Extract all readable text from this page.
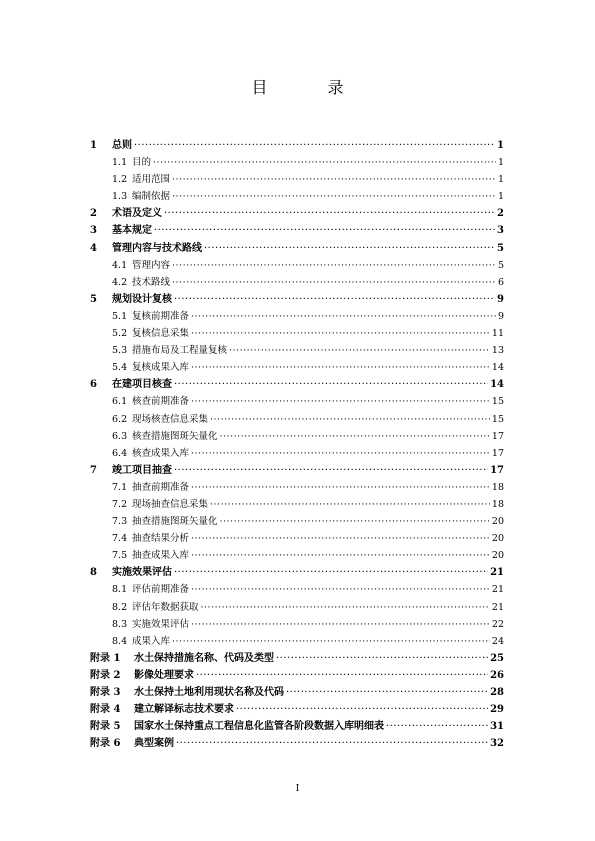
目　录
1	总则 ·····	1
1.1 目的 ·····	1
1.2 适用范围 ·····	1
1.3 编制依据 ·····	1
2	术语及定义 ·····	2
3	基本规定 ·····	3
4	管理内容与技术路线 ·····	5
4.1 管理内容 ·····	5
4.2 技术路线 ·····	6
5	规划设计复核 ·····	9
5.1 复核前期准备 ·····	9
5.2 复核信息采集 ·····	11
5.3 措施布局及工程量复核 ·····	13
5.4 复核成果入库 ·····	14
6	在建项目核查 ·····	14
6.1 核查前期准备 ·····	15
6.2 现场核查信息采集 ·····	15
6.3 核查措施图斑矢量化 ·····	17
6.4 核查成果入库 ·····	17
7	竣工项目抽查 ·····	17
7.1 抽查前期准备 ·····	18
7.2 现场抽查信息采集 ·····	18
7.3 抽查措施图斑矢量化 ·····	20
7.4 抽查结果分析 ·····	20
7.5 抽查成果入库 ·····	20
8	实施效果评估 ·····	21
8.1 评估前期准备 ·····	21
8.2 评估年数据获取 ·····	21
8.3 实施效果评估 ·····	22
8.4 成果入库 ·····	24
附录 1	水土保持措施名称、代码及类型 ·····	25
附录 2	影像处理要求 ·····	26
附录 3	水土保持土地利用现状名称及代码 ·····	28
附录 4	建立解译标志技术要求 ·····	29
附录 5	国家水土保持重点工程信息化监管各阶段数据入库明细表 ·····	31
附录 6	典型案例 ·····	32
I
